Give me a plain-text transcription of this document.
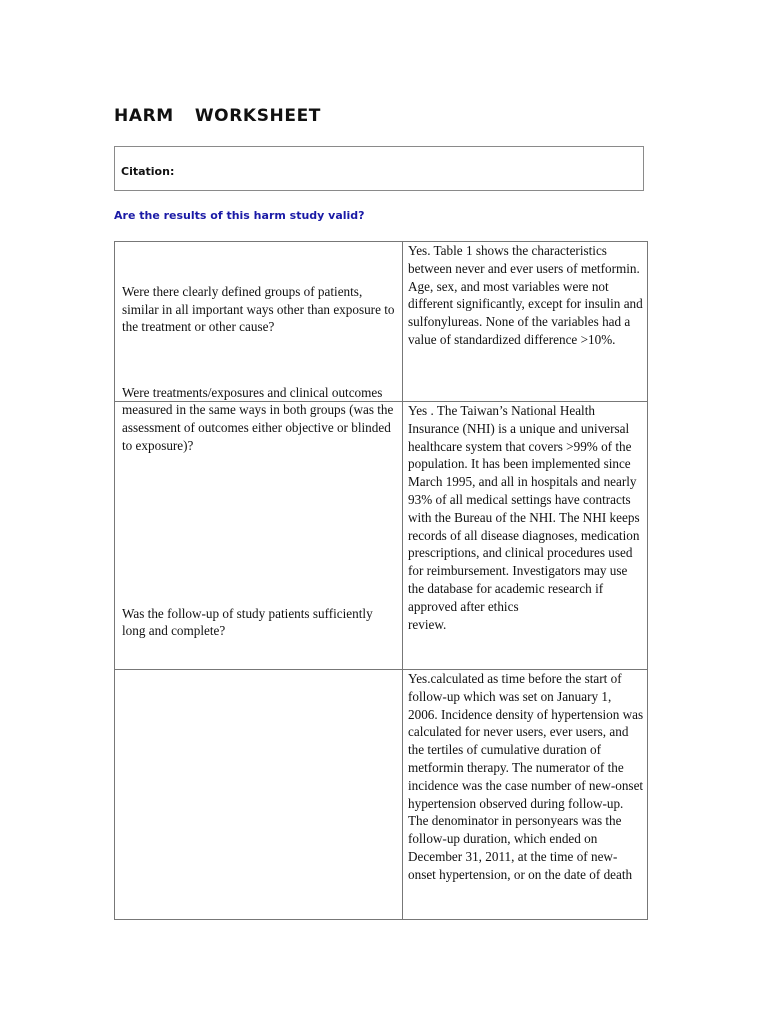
HARM  WORKSHEET
Citation:
Are the results of this harm study valid?
Were there clearly defined groups of patients, similar in all important ways other than exposure to the treatment or other cause?	Yes. Table 1 shows the characteristics between never and ever users of metformin. Age, sex, and most variables were not different significantly, except for insulin and sulfonylureas. None of the variables had a value of standardized difference >10%.

Were treatments/exposures and clinical outcomes measured in the same ways in both groups (was the assessment of outcomes either objective or blinded to exposure)?	Yes . The Taiwan’s National Health Insurance (NHI) is a unique and universal healthcare system that covers >99% of the population. It has been implemented since March 1995, and all in hospitals and nearly 93% of all medical settings have contracts with the Bureau of the NHI. The NHI keeps records of all disease diagnoses, medication prescriptions, and clinical procedures used for reimbursement. Investigators may use the database for academic research if approved after ethics
review.

Was the follow-up of study patients sufficiently long and complete?	Yes.calculated as time before the start of follow-up which was set on January 1, 2006. Incidence density of hypertension was calculated for never users, ever users, and the tertiles of cumulative duration of metformin therapy. The numerator of the incidence was the case number of new-onset hypertension observed during follow-up. The denominator in personyears was the follow-up duration, which ended on December 31, 2011, at the time of new-onset hypertension, or on the date of death
